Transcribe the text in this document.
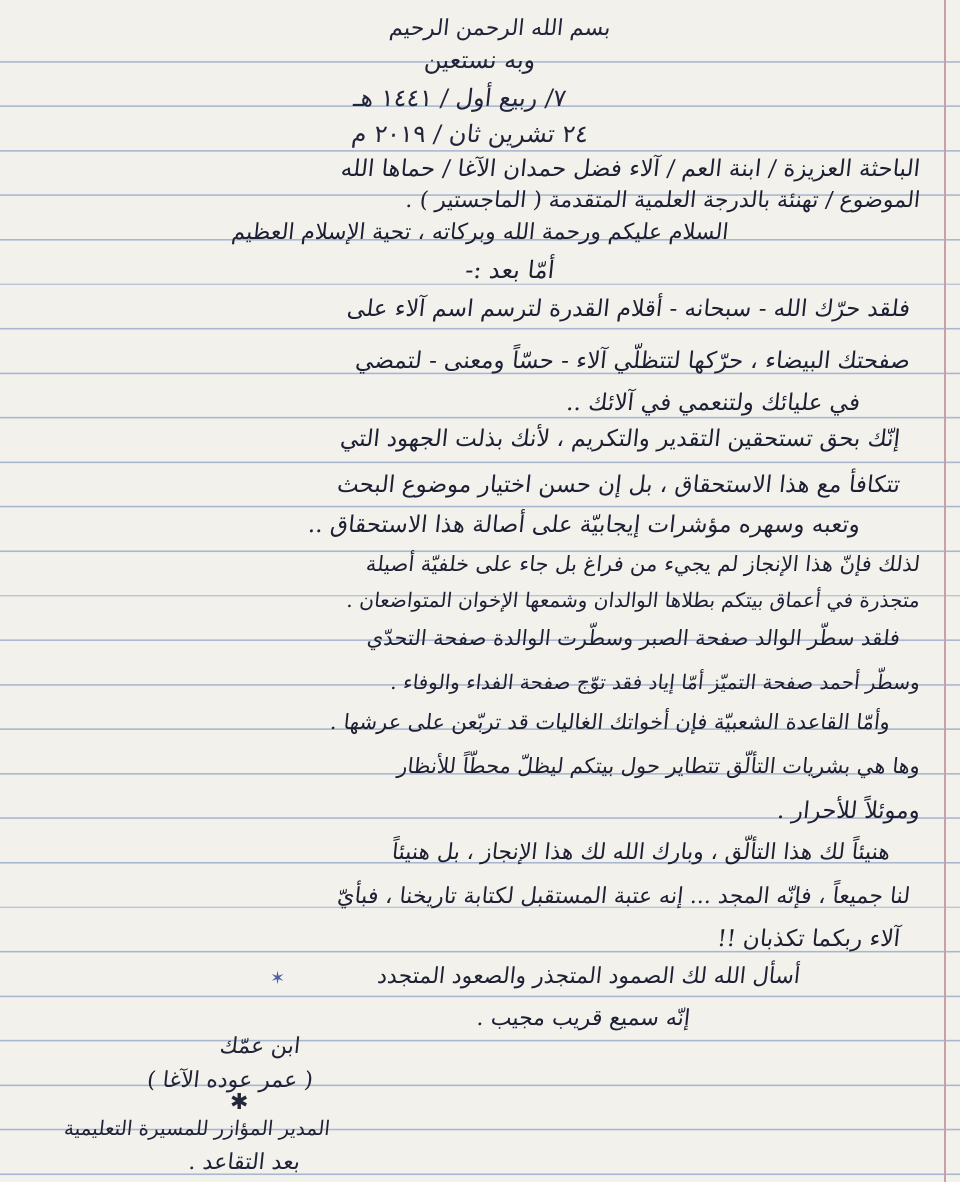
بسم الله الرحمن الرحيم
وبه نستعين
٧/ ربيع أول / ١٤٤١ هـ
٢٤ تشرين ثان / ٢٠١٩ م
الباحثة العزيزة / ابنة العم / آلاء فضل حمدان الآغا / حماها الله
الموضوع / تهنئة بالدرجة العلمية المتقدمة ( الماجستير ) .
السلام عليكم ورحمة الله وبركاته ، تحية الإسلام العظيم
أمّا بعد :-
فلقد حرّك الله - سبحانه - أقلام القدرة لترسم اسم آلاء على
صفحتك البيضاء ، حرّكها لتتظلّي آلاء - حسّاً ومعنى - لتمضي
في عليائك ولتنعمي في آلائك ..
إنّك بحق تستحقين التقدير والتكريم ، لأنك بذلت الجهود التي
تتكافأ مع هذا الاستحقاق ، بل إن حسن اختيار موضوع البحث
وتعبه وسهره مؤشرات إيجابيّة على أصالة هذا الاستحقاق ..
لذلك فإنّ هذا الإنجاز لم يجيء من فراغ بل جاء على خلفيّة أصيلة
متجذرة في أعماق بيتكم بطلاها الوالدان وشمعها الإخوان المتواضعان .
فلقد سطّر الوالد صفحة الصبر وسطّرت الوالدة صفحة التحدّي
وسطّر أحمد صفحة التميّز أمّا إياد فقد توّج صفحة الفداء والوفاء .
وأمّا القاعدة الشعبيّة فإن أخواتك الغاليات قد تربّعن على عرشها .
وها هي بشريات التألّق تتطاير حول بيتكم ليظلّ محطّاً للأنظار
وموئلاً للأحرار .
هنيئاً لك هذا التألّق ، وبارك الله لك هذا الإنجاز ، بل هنيئاً
لنا جميعاً ، فإنّه المجد ... إنه عتبة المستقبل لكتابة تاريخنا ، فبأيّ
آلاء ربكما تكذبان !!
أسأل الله لك الصمود المتجذر والصعود المتجدد
✶
إنّه سميع قريب مجيب .
ابن عمّك
( عمر عوده الآغا )
✱
المدير المؤازر للمسيرة التعليمية
بعد التقاعد .
